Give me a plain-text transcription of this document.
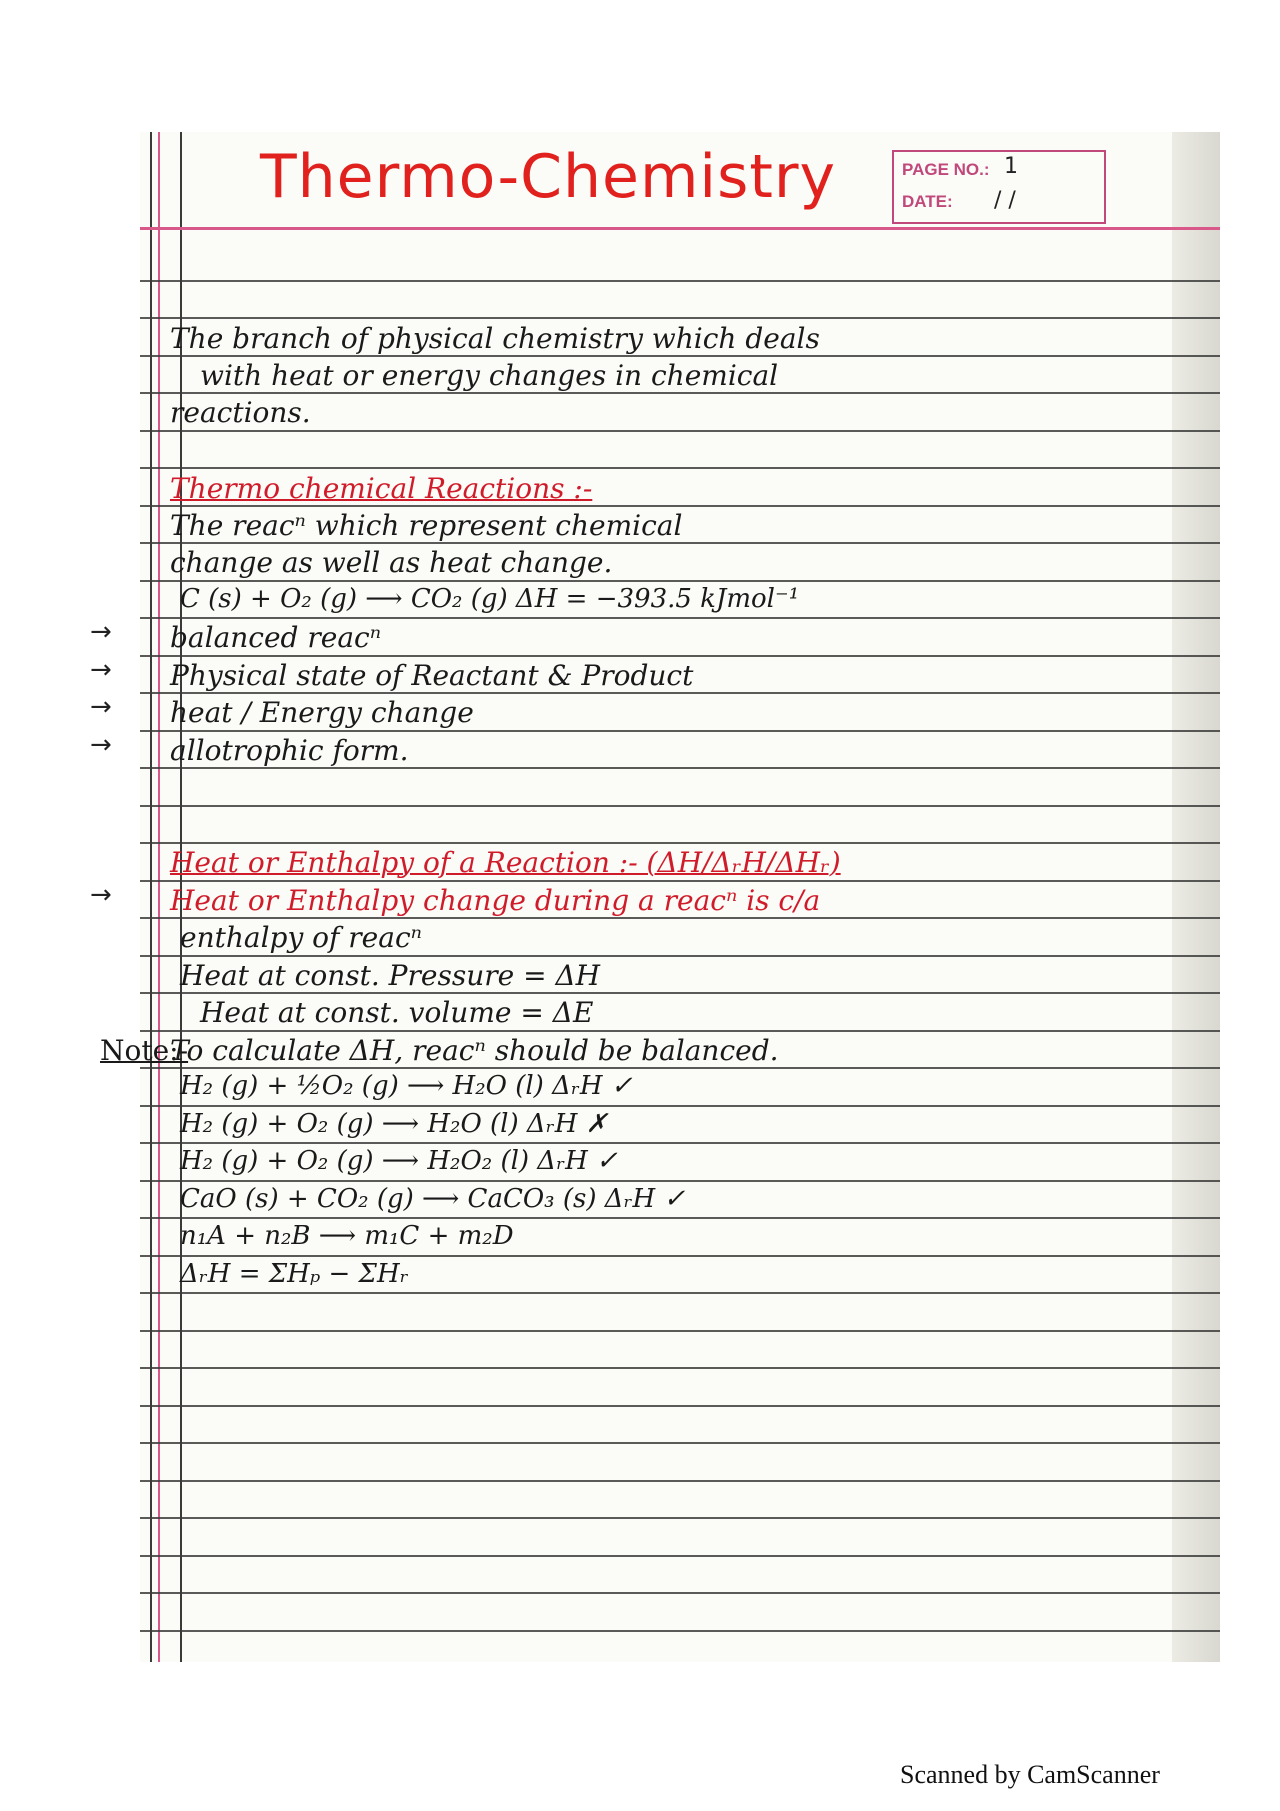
Thermo-Chemistry	PAGE NO.: 1
DATE: / /
The branch of physical chemistry which deals
with heat or energy changes in chemical
reactions.
Thermo chemical Reactions :-
The reacⁿ which represent chemical
change as well as heat change.
C (s) + O₂ (g) ⟶ CO₂ (g) ΔH = −393.5 kJmol⁻¹
→ balanced reacⁿ
→ Physical state of Reactant & Product
→ heat / Energy change
→ allotrophic form.
Heat or Enthalpy of a Reaction :- (ΔH/ΔᵣH/ΔHᵣ)
→ Heat or Enthalpy change during a reacⁿ is c/a
enthalpy of reacⁿ
Heat at const. Pressure = ΔH
Heat at const. volume = ΔE
Note:-
To calculate ΔH, reacⁿ should be balanced.
H₂ (g) + ½O₂ (g) ⟶ H₂O (l) ΔᵣH ✓
H₂ (g) + O₂ (g) ⟶ H₂O (l) ΔᵣH ✗
H₂ (g) + O₂ (g) ⟶ H₂O₂ (l) ΔᵣH ✓
CaO (s) + CO₂ (g) ⟶ CaCO₃ (s) ΔᵣH ✓
n₁A + n₂B ⟶ m₁C + m₂D
ΔᵣH = ΣHₚ − ΣHᵣ
Scanned by CamScanner
